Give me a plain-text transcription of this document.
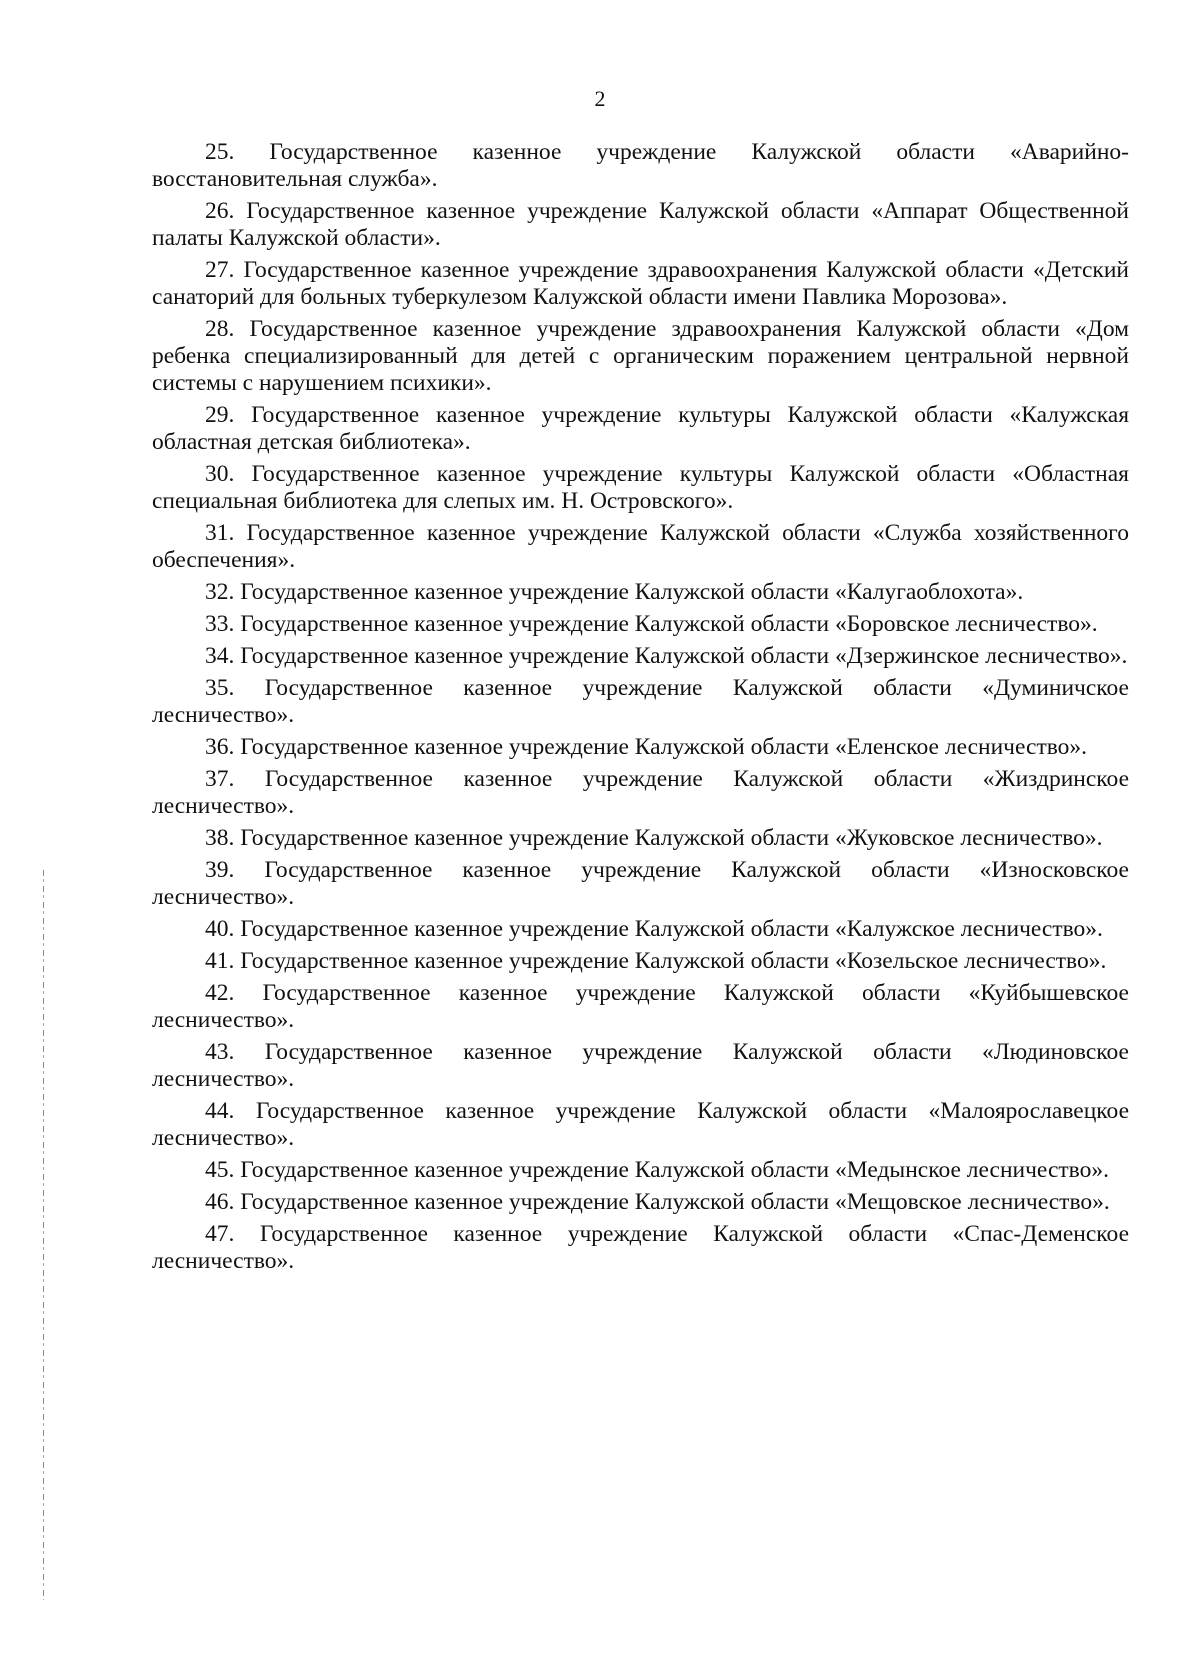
2

25. Государственное казенное учреждение Калужской области «Аварийно-восстановительная служба».

26. Государственное казенное учреждение Калужской области «Аппарат Общественной палаты Калужской области».

27. Государственное казенное учреждение здравоохранения Калужской области «Детский санаторий для больных туберкулезом Калужской области имени Павлика Морозова».

28. Государственное казенное учреждение здравоохранения Калужской области «Дом ребенка специализированный для детей с органическим поражением центральной нервной системы с нарушением психики».

29. Государственное казенное учреждение культуры Калужской области «Калужская областная детская библиотека».

30. Государственное казенное учреждение культуры Калужской области «Областная специальная библиотека для слепых им. Н. Островского».

31. Государственное казенное учреждение Калужской области «Служба хозяйственного обеспечения».

32. Государственное казенное учреждение Калужской области «Калугаоблохота».

33. Государственное казенное учреждение Калужской области «Боровское лесничество».

34. Государственное казенное учреждение Калужской области «Дзержинское лесничество».

35. Государственное казенное учреждение Калужской области «Думиничское лесничество».

36. Государственное казенное учреждение Калужской области «Еленское лесничество».

37. Государственное казенное учреждение Калужской области «Жиздринское лесничество».

38. Государственное казенное учреждение Калужской области «Жуковское лесничество».

39. Государственное казенное учреждение Калужской области «Износковское лесничество».

40. Государственное казенное учреждение Калужской области «Калужское лесничество».

41. Государственное казенное учреждение Калужской области «Козельское лесничество».

42. Государственное казенное учреждение Калужской области «Куйбышевское лесничество».

43. Государственное казенное учреждение Калужской области «Людиновское лесничество».

44. Государственное казенное учреждение Калужской области «Малоярославецкое лесничество».

45. Государственное казенное учреждение Калужской области «Медынское лесничество».

46. Государственное казенное учреждение Калужской области «Мещовское лесничество».

47. Государственное казенное учреждение Калужской области «Спас-Деменское лесничество».
